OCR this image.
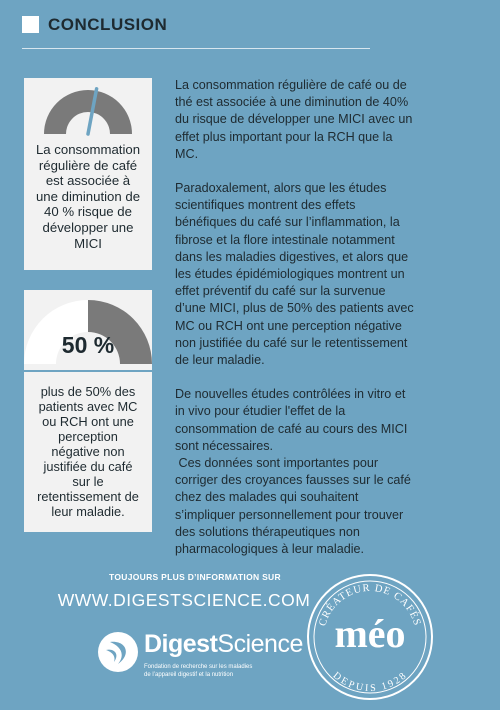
CONCLUSION
La consommation régulière de café est associée à une diminution de 40 % risque de développer une MICI
50 %
plus de 50% des patients avec MC ou RCH ont une perception négative non justifiée du café sur le retentissement de leur maladie.

La consommation régulière de café ou de thé est associée à une diminution de 40% du risque de développer une MICI avec un effet plus important pour la RCH que la MC.

Paradoxalement, alors que les études scientifiques montrent des effets bénéfiques du café sur l’inflammation, la fibrose et la flore intestinale notamment dans les maladies digestives, et alors que les études épidémiologiques montrent un effet préventif du café sur la survenue d’une MICI, plus de 50% des patients avec MC ou RCH ont une perception négative non justifiée du café sur le retentissement de leur maladie.

De nouvelles études contrôlées in vitro et in vivo pour étudier l'effet de la consommation de café au cours des MICI sont nécessaires.

Ces données sont importantes pour corriger des croyances fausses sur le café chez des malades qui souhaitent s’impliquer personnellement pour trouver des solutions thérapeutiques non pharmacologiques à leur maladie.

TOUJOURS PLUS D’INFORMATION SUR
WWW.DIGESTSCIENCE.COM
DigestScience
Fondation de recherche sur les maladies
de l’appareil digestif et la nutrition
CRÉATEUR DE CAFÉS
méo
DEPUIS 1928
